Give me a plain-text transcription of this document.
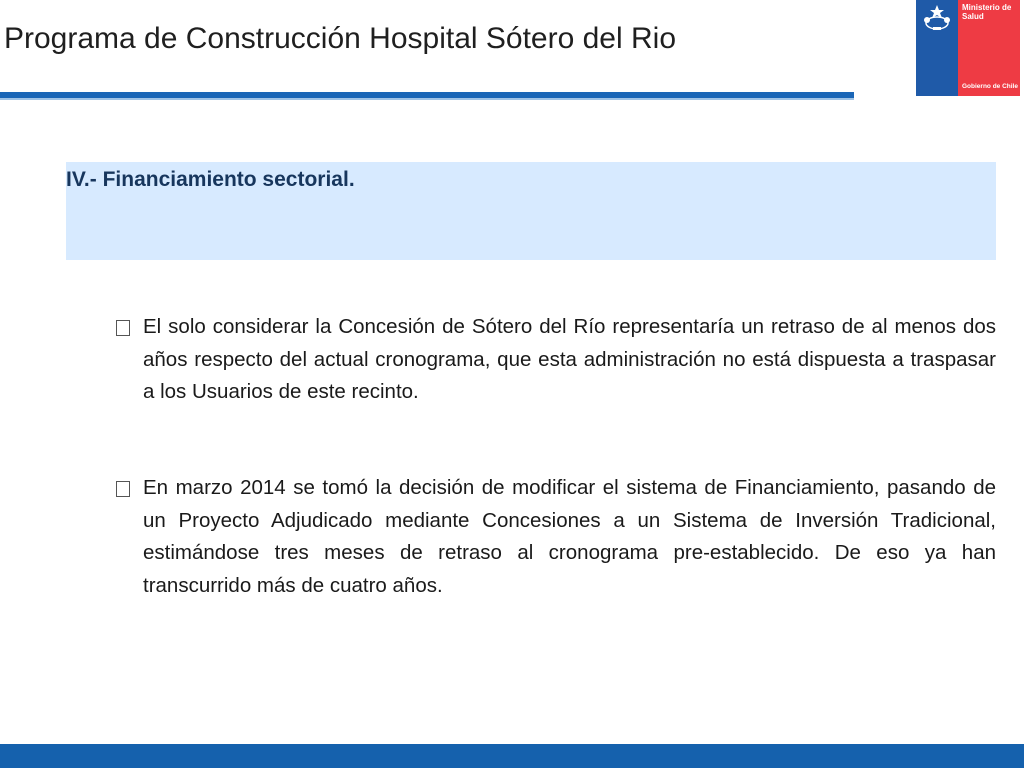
Programa de Construcción Hospital Sótero del Rio
Ministerio de
Salud
Gobierno de Chile
IV.- Financiamiento sectorial.
El solo considerar la Concesión de Sótero del Río representaría un retraso de al menos dos años respecto del actual cronograma, que esta administración no está dispuesta a traspasar a los Usuarios de este recinto.
En marzo 2014 se tomó la decisión de modificar el sistema de Financiamiento, pasando de un Proyecto Adjudicado mediante Concesiones a un Sistema de Inversión Tradicional, estimándose tres meses de retraso al cronograma pre-establecido. De eso ya han transcurrido más de cuatro años.
